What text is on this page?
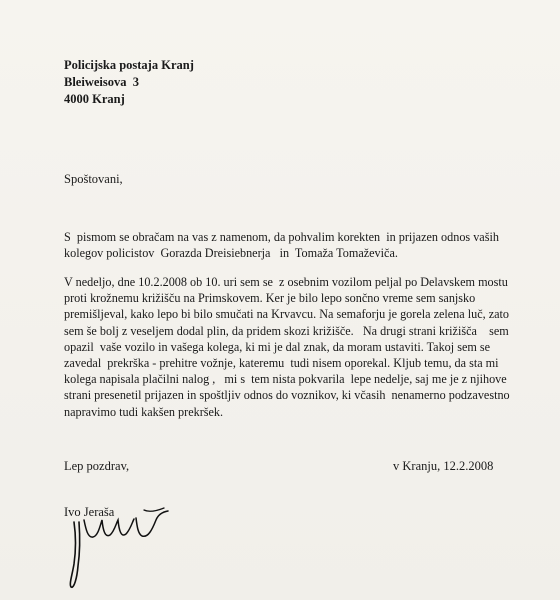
Policijska postaja Kranj
Bleiweisova  3
4000 Kranj
Spoštovani,
S  pismom se obračam na vas z namenom, da pohvalim korekten  in prijazen odnos vaših
kolegov policistov  Gorazda Dreisiebnerja   in  Tomaža Tomaževiča.
V nedeljo, dne 10.2.2008 ob 10. uri sem se  z osebnim vozilom peljal po Delavskem mostu
proti krožnemu križišču na Primskovem. Ker je bilo lepo sončno vreme sem sanjsko
premišljeval, kako lepo bi bilo smučati na Krvavcu. Na semaforju je gorela zelena luč, zato
sem še bolj z veseljem dodal plin, da pridem skozi križišče.   Na drugi strani križišča    sem
opazil  vaše vozilo in vašega kolega, ki mi je dal znak, da moram ustaviti. Takoj sem se
zavedal  prekrška - prehitre vožnje, kateremu  tudi nisem oporekal. Kljub temu, da sta mi
kolega napisala plačilni nalog ,   mi s  tem nista pokvarila  lepe nedelje, saj me je z njihove
strani presenetil prijazen in spoštljiv odnos do voznikov, ki včasih  nenamerno podzavestno
napravimo tudi kakšen prekršek.
Lep pozdrav,	v Kranju, 12.2.2008
Ivo Jeraša
